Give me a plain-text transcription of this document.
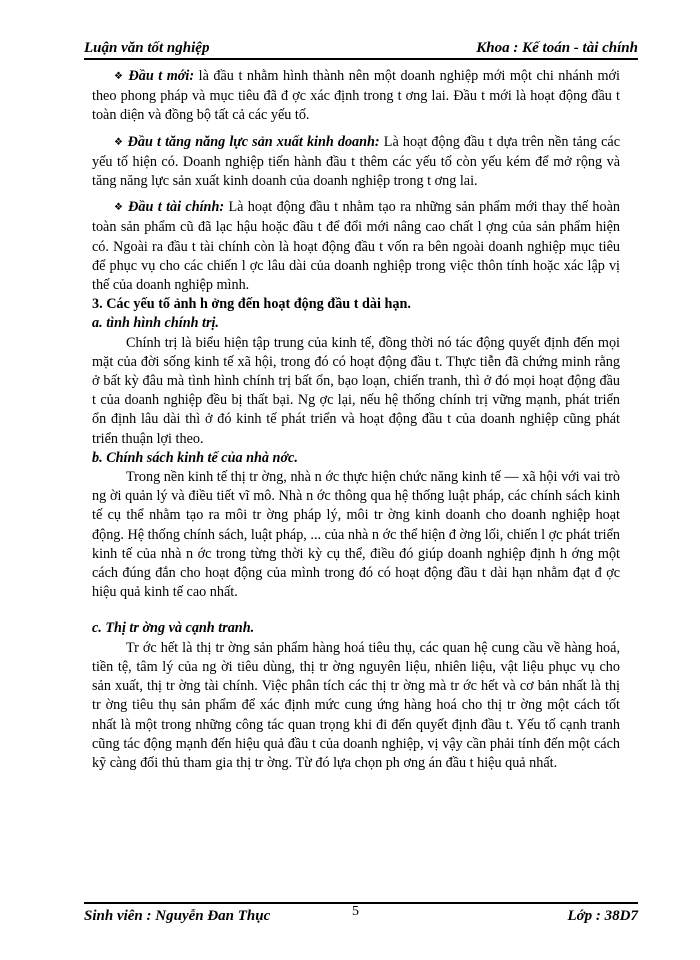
Luận văn tốt nghiệp	Khoa : Kế toán - tài chính

❖ Đầu t mới: là đầu t nhằm hình thành nên một doanh nghiệp mới một chi nhánh mới theo phong pháp và mục tiêu đã đ ợc xác định trong t ơng lai. Đầu t mới là hoạt động đầu t toàn diện và đồng bộ tất cả các yếu tố.

❖ Đầu t tăng năng lực sản xuất kinh doanh: Là hoạt động đầu t dựa trên nền tảng các yếu tố hiện có. Doanh nghiệp tiến hành đầu t thêm các yếu tố còn yếu kém để mở rộng và tăng năng lực sản xuất kinh doanh của doanh nghiệp trong t ơng lai.

❖ Đầu t tài chính: Là hoạt động đầu t nhằm tạo ra những sản phẩm mới thay thế hoàn toàn sản phẩm cũ đã lạc hậu hoặc đầu t để đổi mới nâng cao chất l ợng của sản phẩm hiện có. Ngoài ra đầu t tài chính còn là hoạt động đầu t vốn ra bên ngoài doanh nghiệp mục tiêu để phục vụ cho các chiến l ợc lâu dài của doanh nghiệp trong việc thôn tính hoặc xác lập vị thế của doanh nghiệp mình.

3. Các yếu tố ảnh h ởng đến hoạt động đầu t dài hạn.

a. tình hình chính trị.

Chính trị là biểu hiện tập trung của kinh tế, đồng thời nó tác động quyết định đến mọi mặt của đời sống kinh tế xã hội, trong đó có hoạt động đầu t. Thực tiễn đã chứng minh rằng ở bất kỳ đâu mà tình hình chính trị bất ổn, bạo loạn, chiến tranh, thì ở đó mọi hoạt động đầu t của doanh nghiệp đều bị thất bại. Ng ợc lại, nếu hệ thống chính trị vững mạnh, phát triển ổn định lâu dài thì ở đó kinh tế phát triển và hoạt động đầu t của doanh nghiệp cũng phát triển thuận lợi theo.

b. Chính sách kinh tế của nhà nớc.

Trong nền kinh tế thị tr ờng, nhà n ớc thực hiện chức năng kinh tế — xã hội với vai trò ng ời quản lý và điều tiết vĩ mô. Nhà n ớc thông qua hệ thống luật pháp, các chính sách kinh tế cụ thể nhằm tạo ra môi tr ờng pháp lý, môi tr ờng kinh doanh cho doanh nghiệp hoạt động. Hệ thống chính sách, luật pháp, ... của nhà n ớc thể hiện đ ờng lối, chiến l ợc phát triển kinh tế của nhà n ớc trong từng thời kỳ cụ thể, điều đó giúp doanh nghiệp định h ớng một cách đúng đắn cho hoạt động của mình trong đó có hoạt động đầu t dài hạn nhằm đạt đ ợc hiệu quả kinh tế cao nhất.

c. Thị tr ờng và cạnh tranh.

Tr ớc hết là thị tr ờng sản phẩm hàng hoá tiêu thụ, các quan hệ cung cầu về hàng hoá, tiền tệ, tâm lý của ng ời tiêu dùng, thị tr ờng nguyên liệu, nhiên liệu, vật liệu phục vụ cho sản xuất, thị tr ờng tài chính. Việc phân tích các thị tr ờng mà tr ớc hết và cơ bản nhất là thị tr ờng tiêu thụ sản phẩm để xác định mức cung ứng hàng hoá cho thị tr ờng một cách tốt nhất là một trong những công tác quan trọng khi đi đến quyết định đầu t. Yếu tố cạnh tranh cũng tác động mạnh đến hiệu quả đầu t của doanh nghiệp, vị vậy cần phải tính đến một cách kỹ càng đối thủ tham gia thị tr ờng. Từ đó lựa chọn ph ơng án đầu t hiệu quả nhất.

Sinh viên : Nguyễn Đan Thục	5	Lớp : 38D7
